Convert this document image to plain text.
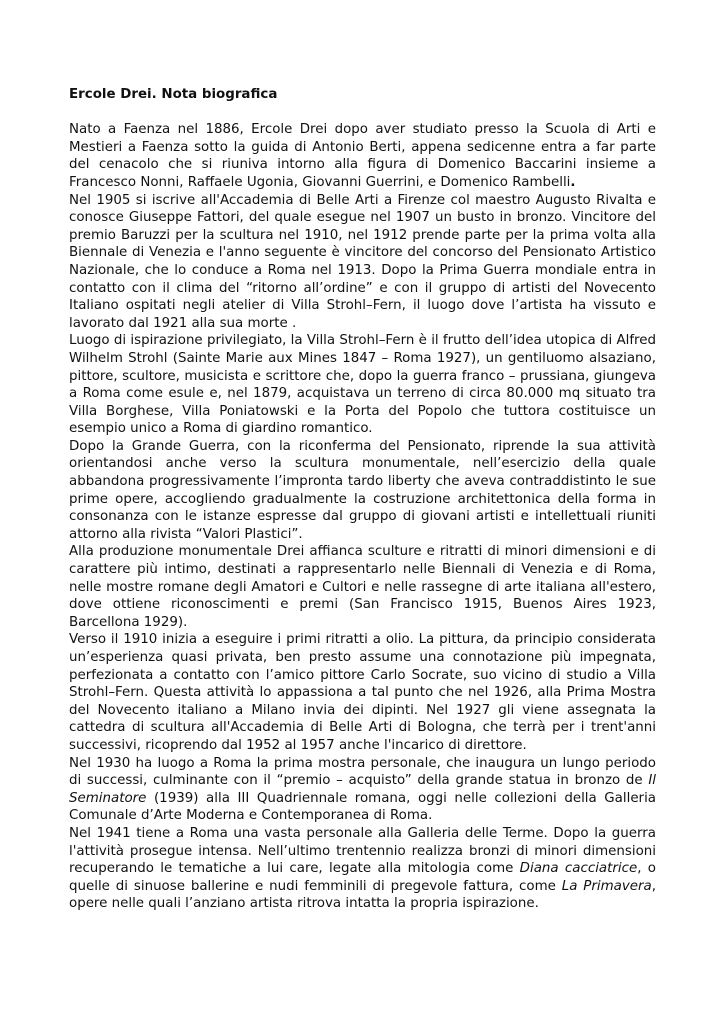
Ercole Drei. Nota biografica

Nato a Faenza nel 1886, Ercole Drei dopo aver studiato presso la Scuola di Arti e Mestieri a Faenza sotto la guida di Antonio Berti, appena sedicenne entra a far parte del cenacolo che si riuniva intorno alla figura di Domenico Baccarini insieme a Francesco Nonni, Raffaele Ugonia, Giovanni Guerrini, e Domenico Rambelli.

Nel 1905 si iscrive all'Accademia di Belle Arti a Firenze col maestro Augusto Rivalta e conosce Giuseppe Fattori, del quale esegue nel 1907 un busto in bronzo. Vincitore del premio Baruzzi per la scultura nel 1910, nel 1912 prende parte per la prima volta alla Biennale di Venezia e l'anno seguente è vincitore del concorso del Pensionato Artistico Nazionale, che lo conduce a Roma nel 1913. Dopo la Prima Guerra mondiale entra in contatto con il clima del “ritorno all’ordine” e con il gruppo di artisti del Novecento Italiano ospitati negli atelier di Villa Strohl–Fern, il luogo dove l’artista ha vissuto e lavorato dal 1921 alla sua morte .

Luogo di ispirazione privilegiato, la Villa Strohl–Fern è il frutto dell’idea utopica di Alfred Wilhelm Strohl (Sainte Marie aux Mines 1847 – Roma 1927), un gentiluomo alsaziano, pittore, scultore, musicista e scrittore che, dopo la guerra franco – prussiana, giungeva a Roma come esule e, nel 1879, acquistava un terreno di circa 80.000 mq situato tra Villa Borghese, Villa Poniatowski e la Porta del Popolo che tuttora costituisce un esempio unico a Roma di giardino romantico.

Dopo la Grande Guerra, con la riconferma del Pensionato, riprende la sua attività orientandosi anche verso la scultura monumentale, nell’esercizio della quale abbandona progressivamente l’impronta tardo liberty che aveva contraddistinto le sue prime opere, accogliendo gradualmente la costruzione architettonica della forma in consonanza con le istanze espresse dal gruppo di giovani artisti e intellettuali riuniti attorno alla rivista “Valori Plastici”.

Alla produzione monumentale Drei affianca sculture e ritratti di minori dimensioni e di carattere più intimo, destinati a rappresentarlo nelle Biennali di Venezia e di Roma, nelle mostre romane degli Amatori e Cultori e nelle rassegne di arte italiana all'estero, dove ottiene riconoscimenti e premi (San Francisco 1915, Buenos Aires 1923, Barcellona 1929).

Verso il 1910 inizia a eseguire i primi ritratti a olio. La pittura, da principio considerata un’esperienza quasi privata, ben presto assume una connotazione più impegnata, perfezionata a contatto con l’amico pittore Carlo Socrate, suo vicino di studio a Villa Strohl–Fern. Questa attività lo appassiona a tal punto che nel 1926, alla Prima Mostra del Novecento italiano a Milano invia dei dipinti. Nel 1927 gli viene assegnata la cattedra di scultura all'Accademia di Belle Arti di Bologna, che terrà per i trent'anni successivi, ricoprendo dal 1952 al 1957 anche l'incarico di direttore.

Nel 1930 ha luogo a Roma la prima mostra personale, che inaugura un lungo periodo di successi, culminante con il “premio – acquisto” della grande statua in bronzo de Il Seminatore (1939) alla III Quadriennale romana, oggi nelle collezioni della Galleria Comunale d’Arte Moderna e Contemporanea di Roma.

Nel 1941 tiene a Roma una vasta personale alla Galleria delle Terme. Dopo la guerra l'attività prosegue intensa. Nell’ultimo trentennio realizza bronzi di minori dimensioni recuperando le tematiche a lui care, legate alla mitologia come Diana cacciatrice, o quelle di sinuose ballerine e nudi femminili di pregevole fattura, come La Primavera, opere nelle quali l’anziano artista ritrova intatta la propria ispirazione.
